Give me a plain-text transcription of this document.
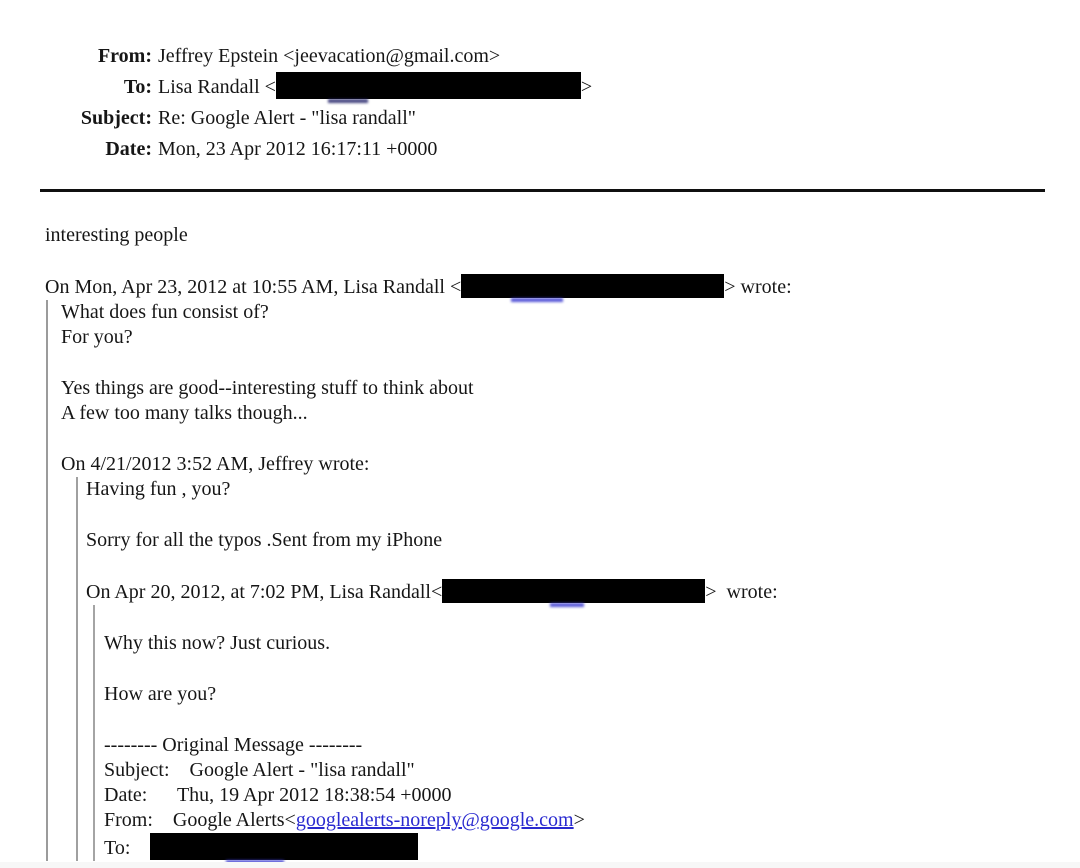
From: Jeffrey Epstein <jeevacation@gmail.com>
To: Lisa Randall <	>
Subject: Re: Google Alert - "lisa randall"
Date: Mon, 23 Apr 2012 16:17:11 +0000
interesting people
On Mon, Apr 23, 2012 at 10:55 AM, Lisa Randall <	> wrote:
What does fun consist of?
For you?
Yes things are good--interesting stuff to think about
A few too many talks though...
On 4/21/2012 3:52 AM, Jeffrey wrote:
Having fun , you?
Sorry for all the typos .Sent from my iPhone
On Apr 20, 2012, at 7:02 PM, Lisa Randall<	>  wrote:
Why this now? Just curious.
How are you?
-------- Original Message --------
Subject:    Google Alert - "lisa randall"
Date:      Thu, 19 Apr 2012 18:38:54 +0000
From:    Google Alerts<googlealerts-noreply@google.com>
To:
